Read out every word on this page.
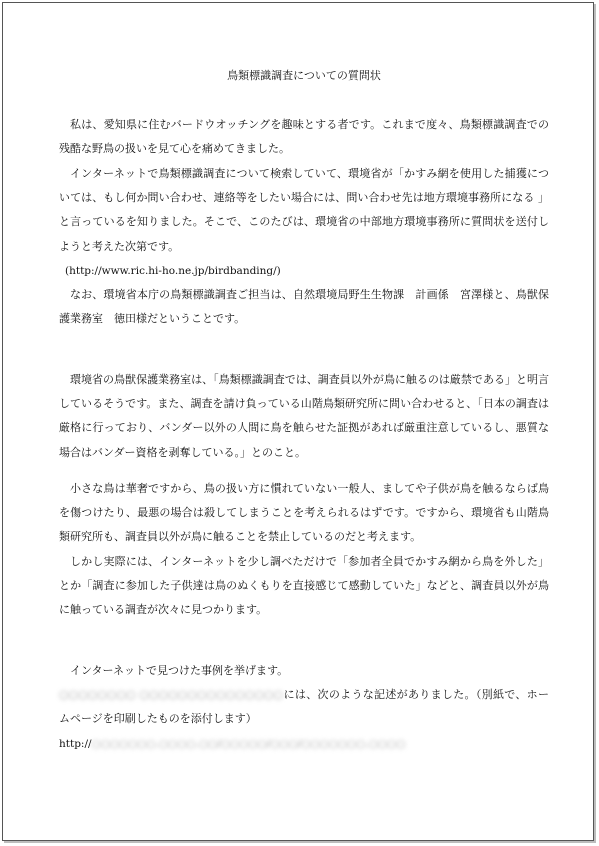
鳥類標識調査についての質問状

私は、愛知県に住むバードウオッチングを趣味とする者です。これまで度々、鳥類標識調査での残酷な野鳥の扱いを見て心を痛めてきました。

インターネットで鳥類標識調査について検索していて、環境省が「かすみ網を使用した捕獲については、もし何か問い合わせ、連絡等をしたい場合には、問い合わせ先は地方環境事務所になる 」と言っているを知りました。そこで、このたびは、環境省の中部地方環境事務所に質問状を送付しようと考えた次第です。

(http://www.ric.hi-ho.ne.jp/birdbanding/)

なお、環境省本庁の鳥類標識調査ご担当は、自然環境局野生生物課　計画係　宮澤様と、鳥獣保護業務室　徳田様だということです。

環境省の鳥獣保護業務室は、「鳥類標識調査では、調査員以外が鳥に触るのは厳禁である」と明言しているそうです。また、調査を請け負っている山階鳥類研究所に問い合わせると、「日本の調査は厳格に行っており、バンダー以外の人間に鳥を触らせた証拠があれば厳重注意しているし、悪質な場合はバンダー資格を剥奪している。」とのこと。

小さな鳥は華奢ですから、鳥の扱い方に慣れていない一般人、ましてや子供が鳥を触るならば鳥を傷つけたり、最悪の場合は殺してしまうことを考えられるはずです。ですから、環境省も山階鳥類研究所も、調査員以外が鳥に触ることを禁止しているのだと考えます。

しかし実際には、インターネットを少し調べただけで「参加者全員でかすみ網から鳥を外した」とか「調査に参加した子供達は鳥のぬくもりを直接感じて感動していた」などと、調査員以外が鳥に触っている調査が次々に見つかります。

インターネットで見つけた事例を挙げます。

○○○○○○○○ ○○○○○○○○○○○○○○○には、次のような記述がありました。（別紙で、ホームページを印刷したものを添付します）

http://○○○○○○○.○○○○.○○/○○○○○/○○○/○○○○○○○.○○○○
